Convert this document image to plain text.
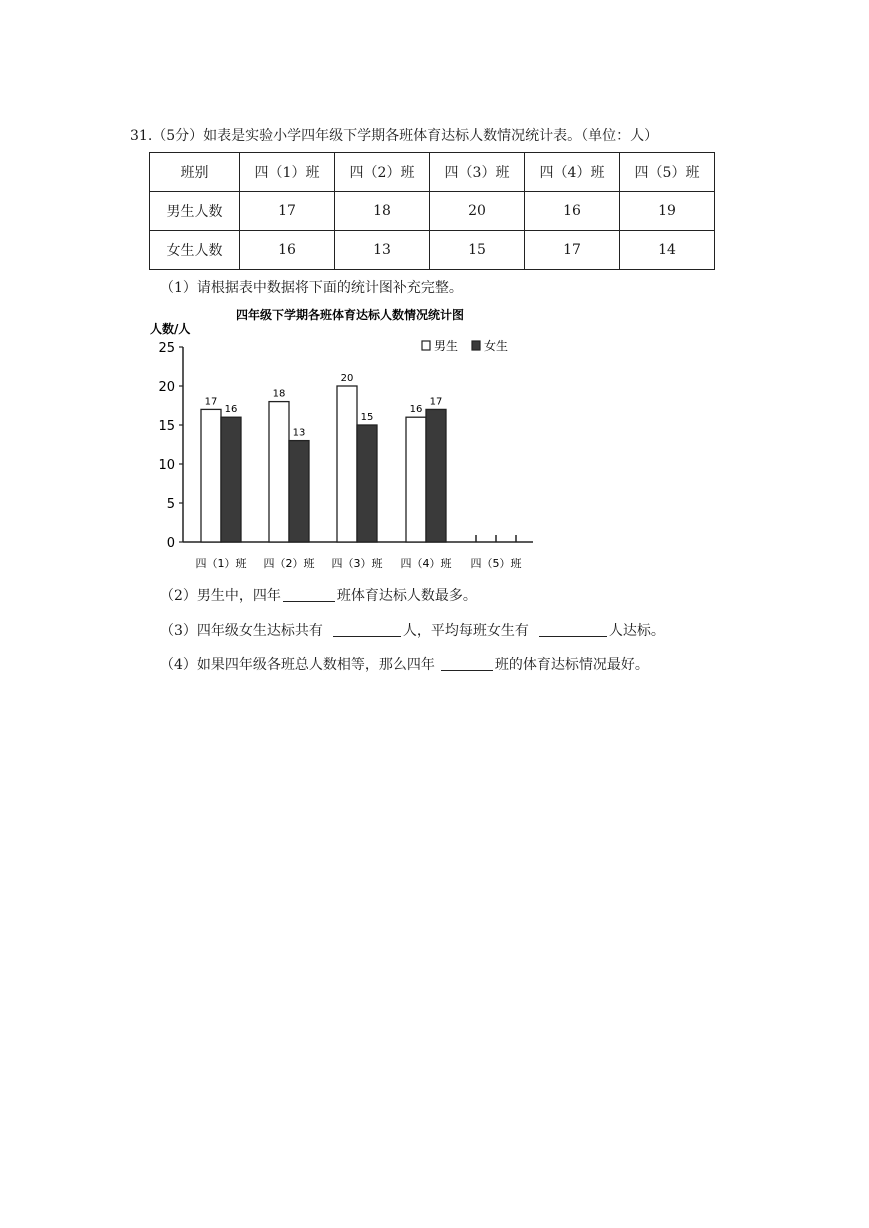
31.（5分）如表是实验小学四年级下学期各班体育达标人数情况统计表。（单位：人）
班别	四（1）班	四（2）班	四（3）班	四（4）班	四（5）班
男生人数	17	18	20	16	19
女生人数	16	13	15	17	14
（1）请根据表中数据将下面的统计图补充完整。
四年级下学期各班体育达标人数情况统计图
人数/人
男生 女生
0
5
10
15
20
25
17
16
18
13
20
15
16
17
四（1）班 四（2）班 四（3）班 四（4）班 四（5）班
（2）男生中，四年	班体育达标人数最多。
（3）四年级女生达标共有	人，平均每班女生有	人达标。
（4）如果四年级各班总人数相等，那么四年	班的体育达标情况最好。
